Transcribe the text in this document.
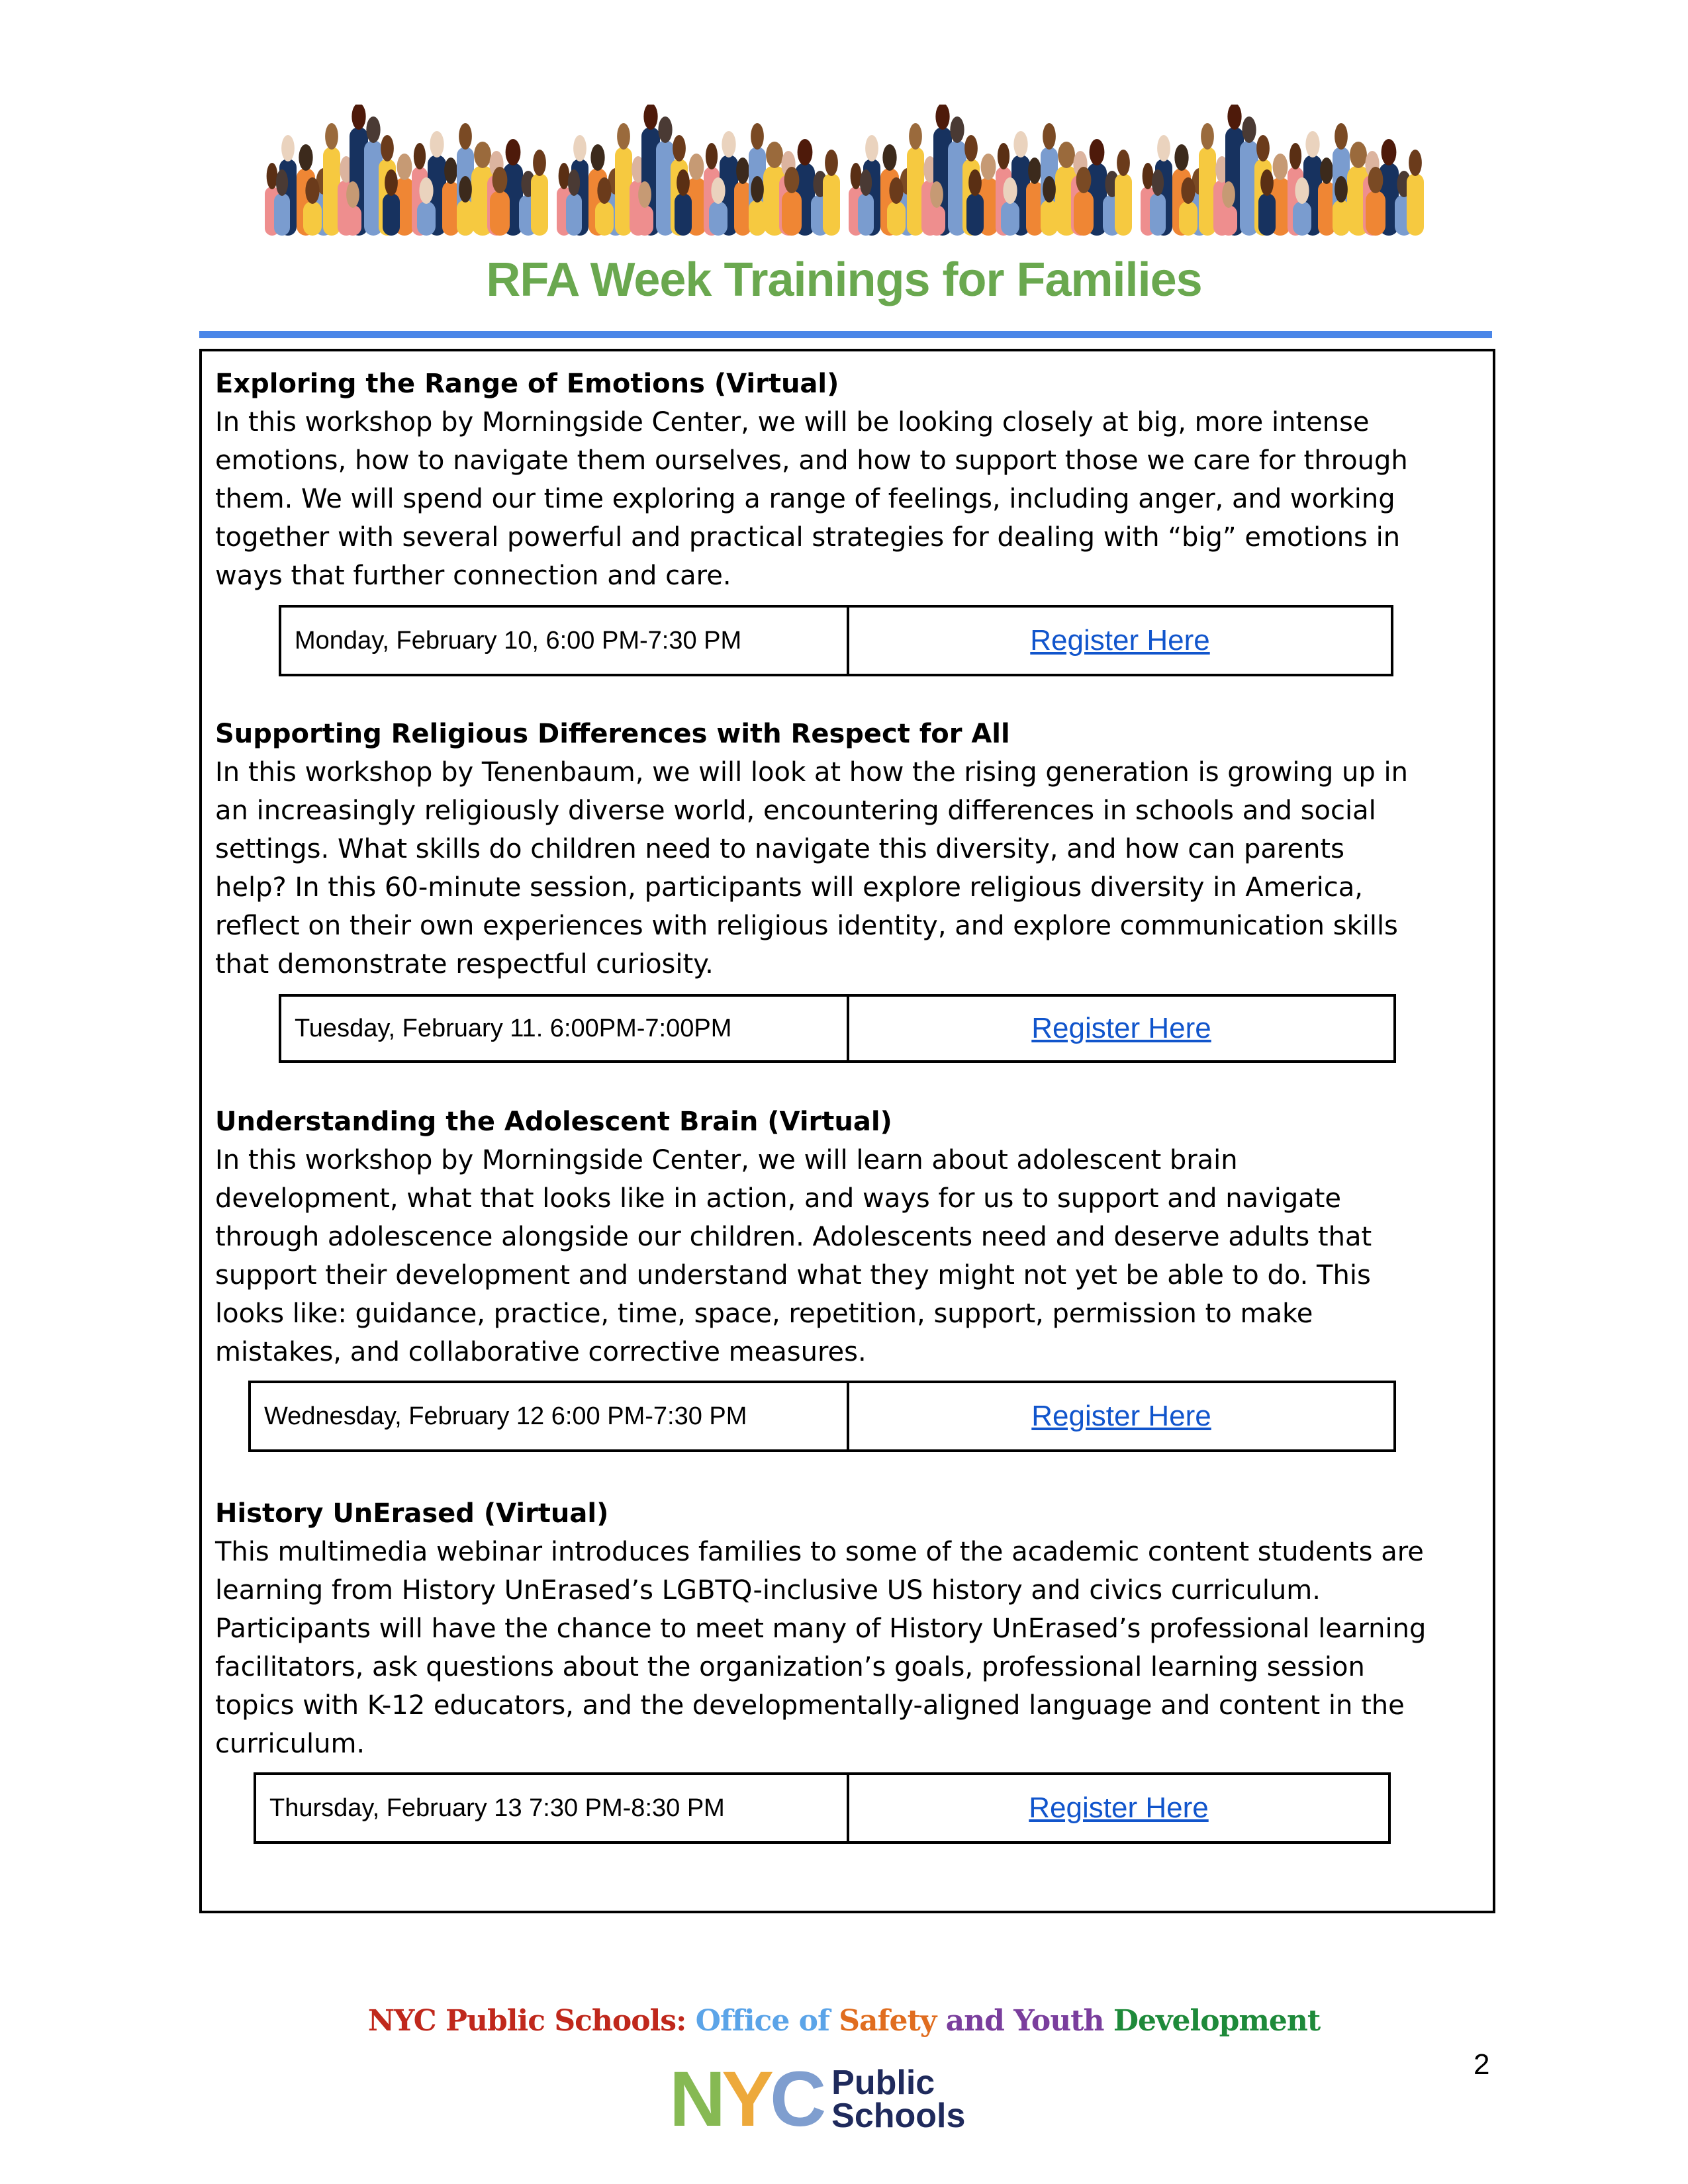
RFA Week Trainings for Families
Exploring the Range of Emotions (Virtual)
In this workshop by Morningside Center, we will be looking closely at big, more intense
emotions, how to navigate them ourselves, and how to support those we care for through
them. We will spend our time exploring a range of feelings, including anger, and working
together with several powerful and practical strategies for dealing with “big” emotions in
ways that further connection and care.
Monday, February 10, 6:00 PM-7:30 PM	Register Here
Supporting Religious Differences with Respect for All
In this workshop by Tenenbaum, we will look at how the rising generation is growing up in
an increasingly religiously diverse world, encountering differences in schools and social
settings. What skills do children need to navigate this diversity, and how can parents
help? In this 60-minute session, participants will explore religious diversity in America,
reflect on their own experiences with religious identity, and explore communication skills
that demonstrate respectful curiosity.
Tuesday, February 11. 6:00PM-7:00PM	Register Here
Understanding the Adolescent Brain (Virtual)
In this workshop by Morningside Center, we will learn about adolescent brain
development, what that looks like in action, and ways for us to support and navigate
through adolescence alongside our children. Adolescents need and deserve adults that
support their development and understand what they might not yet be able to do. This
looks like: guidance, practice, time, space, repetition, support, permission to make
mistakes, and collaborative corrective measures.
Wednesday, February 12 6:00 PM-7:30 PM	Register Here
History UnErased (Virtual)
This multimedia webinar introduces families to some of the academic content students are
learning from History UnErased’s LGBTQ-inclusive US history and civics curriculum.
Participants will have the chance to meet many of History UnErased’s professional learning
facilitators, ask questions about the organization’s goals, professional learning session
topics with K-12 educators, and the developmentally-aligned language and content in the
curriculum.
Thursday, February 13 7:30 PM-8:30 PM	Register Here
NYC Public Schools: Office of Safety and Youth Development
2
NYC Public
Schools
